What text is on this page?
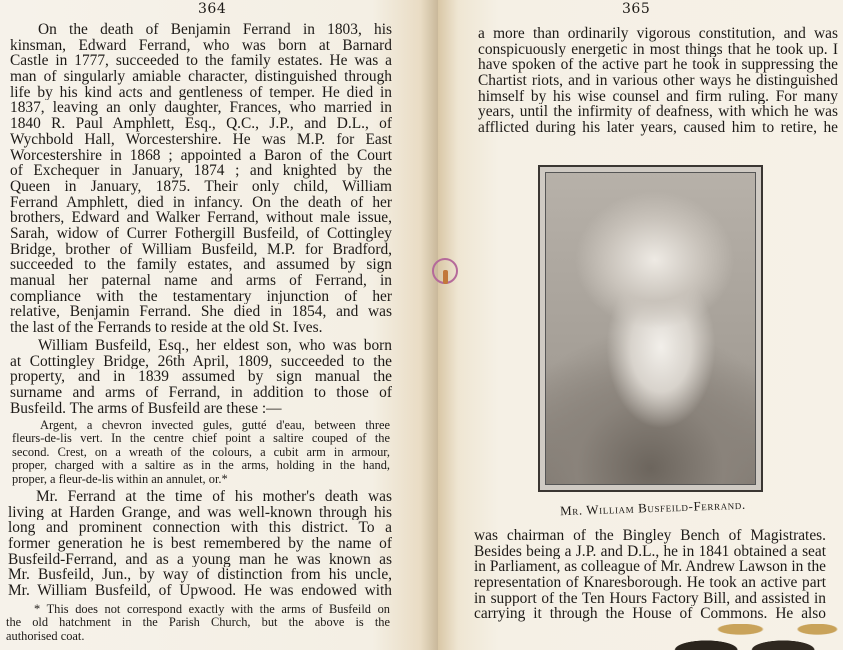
364
On the death of Benjamin Ferrand in 1803, his
kinsman, Edward Ferrand, who was born at Barnard
Castle in 1777, succeeded to the family estates. He was a
man of singularly amiable character, distinguished through
life by his kind acts and gentleness of temper. He died in
1837, leaving an only daughter, Frances, who married in
1840 R. Paul Amphlett, Esq., Q.C., J.P., and D.L., of
Wychbold Hall, Worcestershire. He was M.P. for East
Worcestershire in 1868 ; appointed a Baron of the Court
of Exchequer in January, 1874 ; and knighted by the
Queen in January, 1875. Their only child, William
Ferrand Amphlett, died in infancy. On the death of her
brothers, Edward and Walker Ferrand, without male issue,
Sarah, widow of Currer Fothergill Busfeild, of Cottingley
Bridge, brother of William Busfeild, M.P. for Bradford,
succeeded to the family estates, and assumed by sign
manual her paternal name and arms of Ferrand, in
compliance with the testamentary injunction of her
relative, Benjamin Ferrand. She died in 1854, and was
the last of the Ferrands to reside at the old St. Ives.
William Busfeild, Esq., her eldest son, who was born
at Cottingley Bridge, 26th April, 1809, succeeded to the
property, and in 1839 assumed by sign manual the
surname and arms of Ferrand, in addition to those of
Busfeild. The arms of Busfeild are these :—
Argent, a chevron invected gules, gutté d'eau, between three
fleurs-de-lis vert. In the centre chief point a saltire couped of the
second. Crest, on a wreath of the colours, a cubit arm in armour,
proper, charged with a saltire as in the arms, holding in the hand,
proper, a fleur-de-lis within an annulet, or.*
Mr. Ferrand at the time of his mother's death was
living at Harden Grange, and was well-known through his
long and prominent connection with this district. To a
former generation he is best remembered by the name of
Busfeild-Ferrand, and as a young man he was known as
Mr. Busfeild, Jun., by way of distinction from his uncle,
Mr. William Busfeild, of Upwood. He was endowed with
* This does not correspond exactly with the arms of Busfeild on
the old hatchment in the Parish Church, but the above is the
authorised coat.
365
a more than ordinarily vigorous constitution, and was
conspicuously energetic in most things that he took up. I
have spoken of the active part he took in suppressing the
Chartist riots, and in various other ways he distinguished
himself by his wise counsel and firm ruling. For many
years, until the infirmity of deafness, with which he was
afflicted during his later years, caused him to retire, he
was chairman of the Bingley Bench of Magistrates.
Besides being a J.P. and D.L., he in 1841 obtained a seat
in Parliament, as colleague of Mr. Andrew Lawson in the
representation of Knaresborough. He took an active part
in support of the Ten Hours Factory Bill, and assisted in
carrying it through the House of Commons. He also
Mr. William Busfeild-Ferrand.
